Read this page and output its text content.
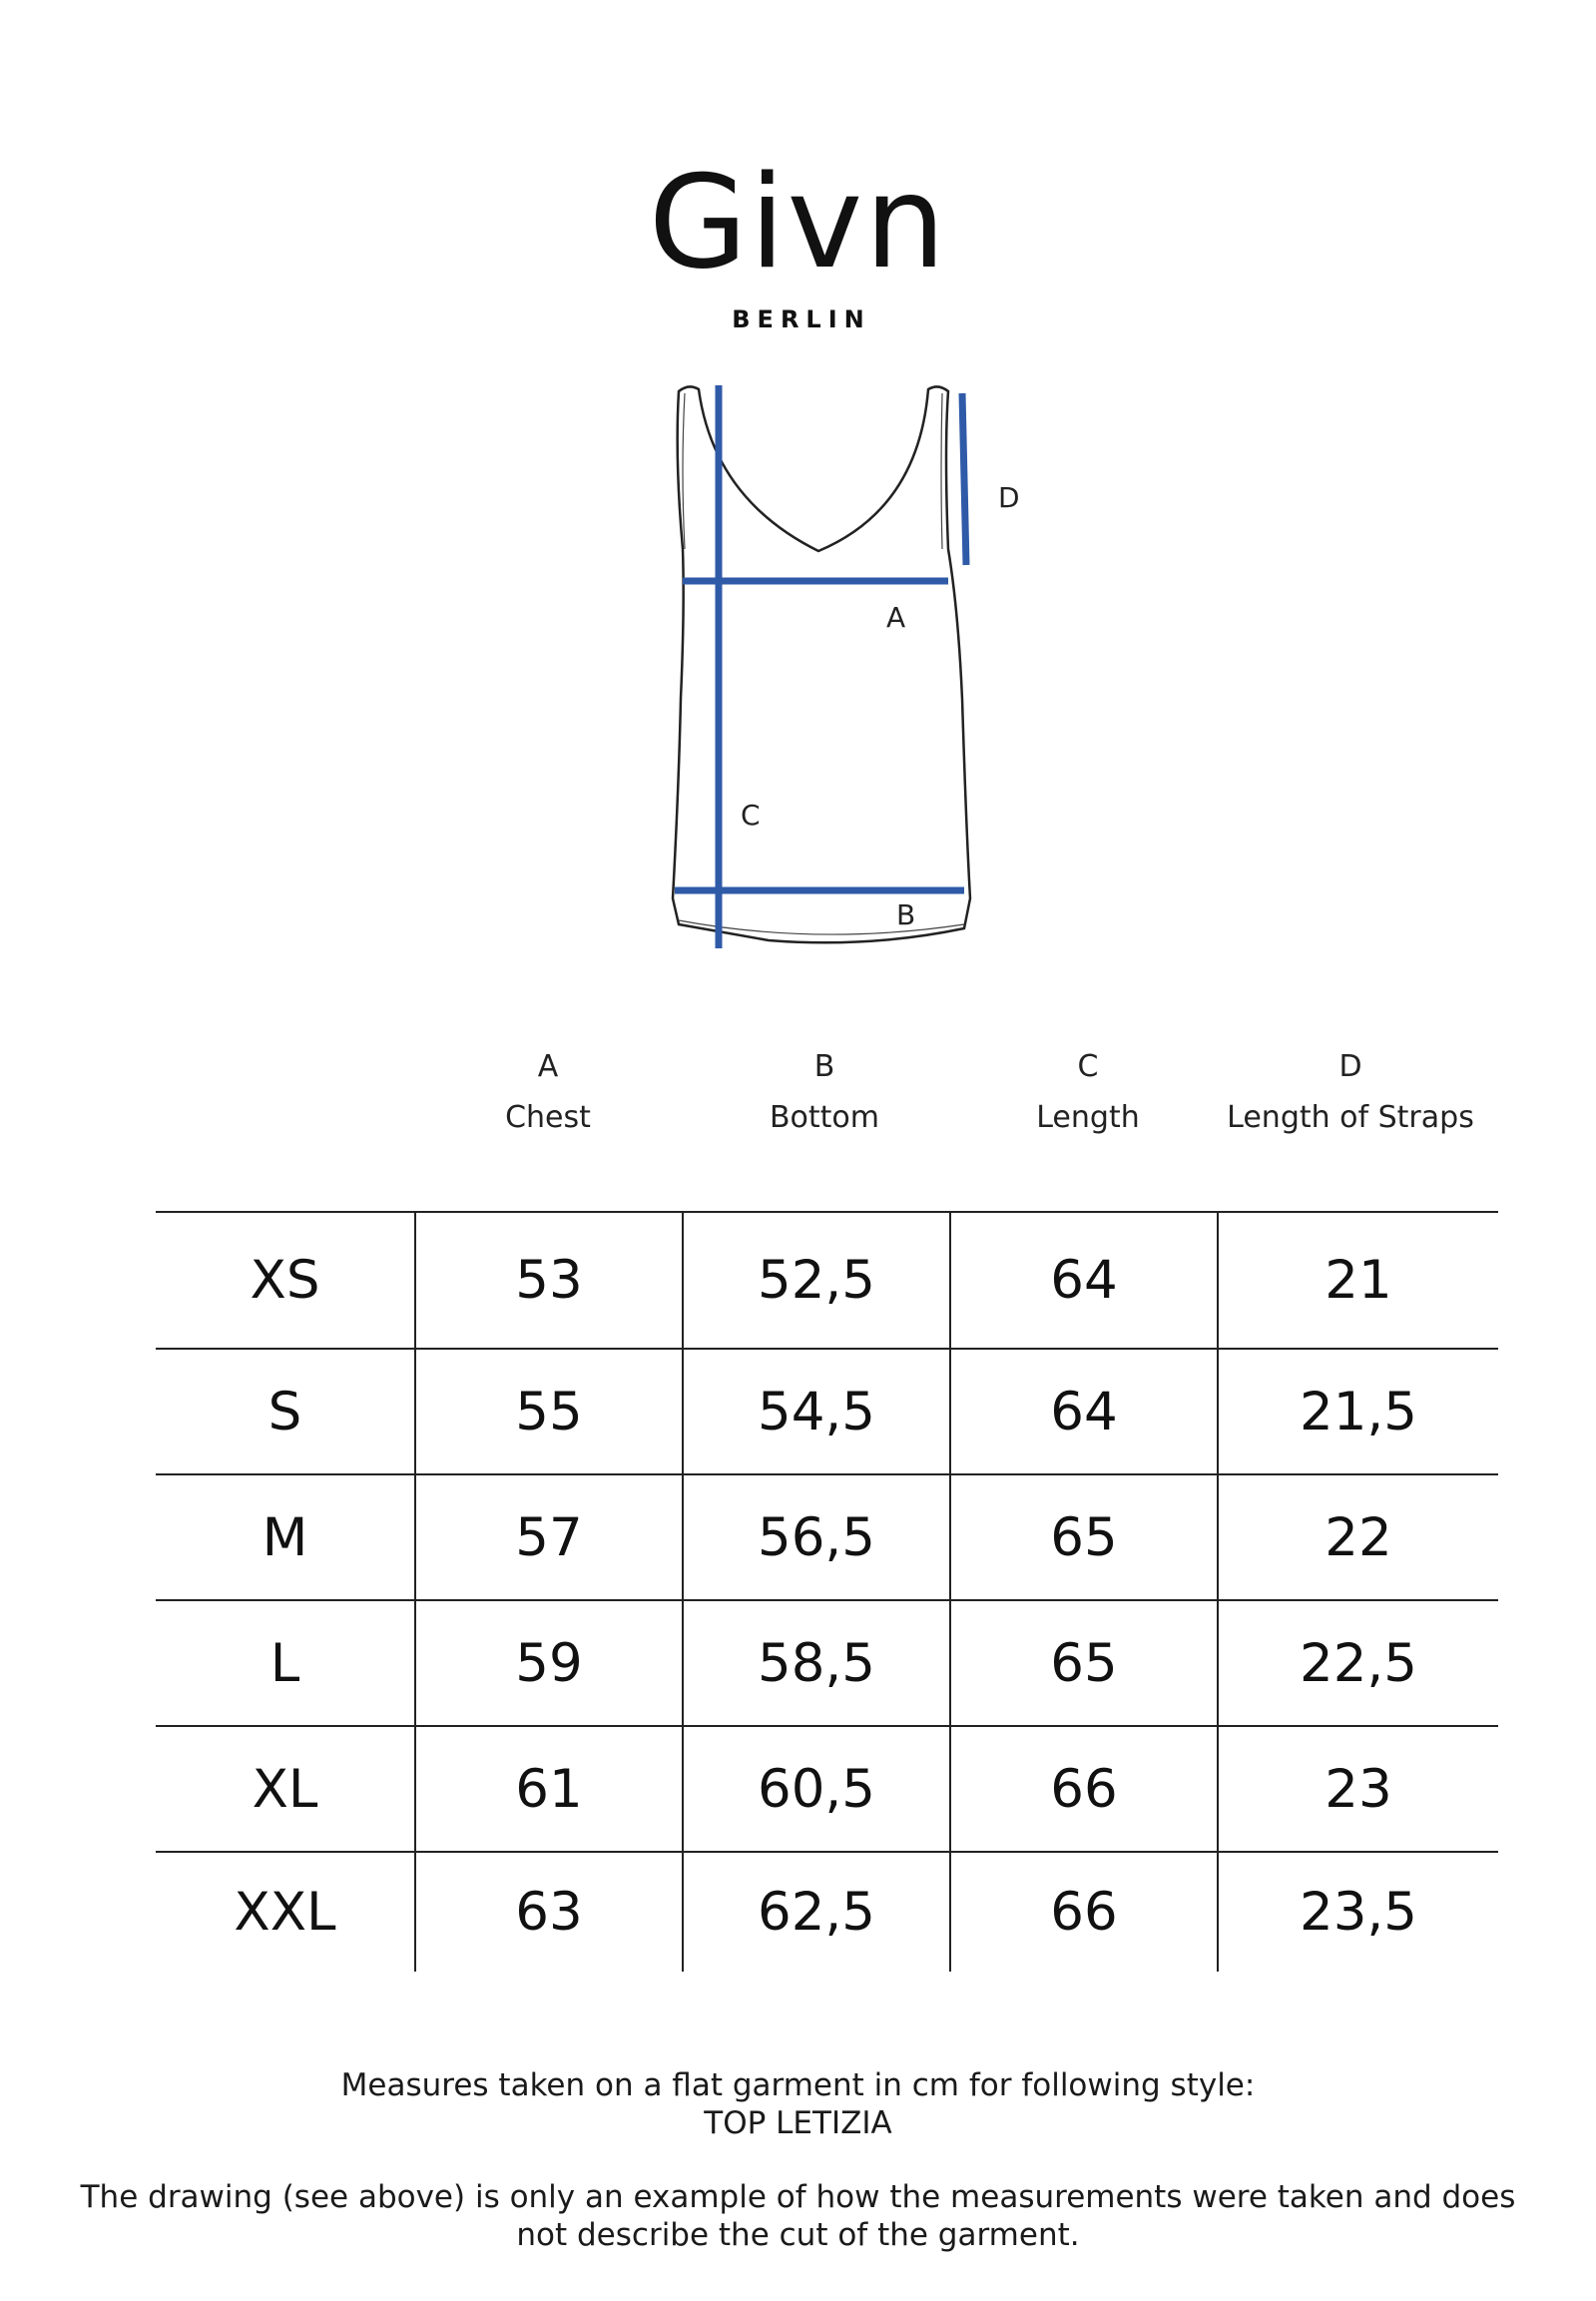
Givn
BERLIN
D
A
C
B
A
Chest
B
Bottom
C
Length
D
Length of Straps
XS	53	52,5	64	21
S	55	54,5	64	21,5
M	57	56,5	65	22
L	59	58,5	65	22,5
XL	61	60,5	66	23
XXL	63	62,5	66	23,5
Measures taken on a flat garment in cm for following style:
TOP LETIZIA
The drawing (see above) is only an example of how the measurements were taken and does
not describe the cut of the garment.
